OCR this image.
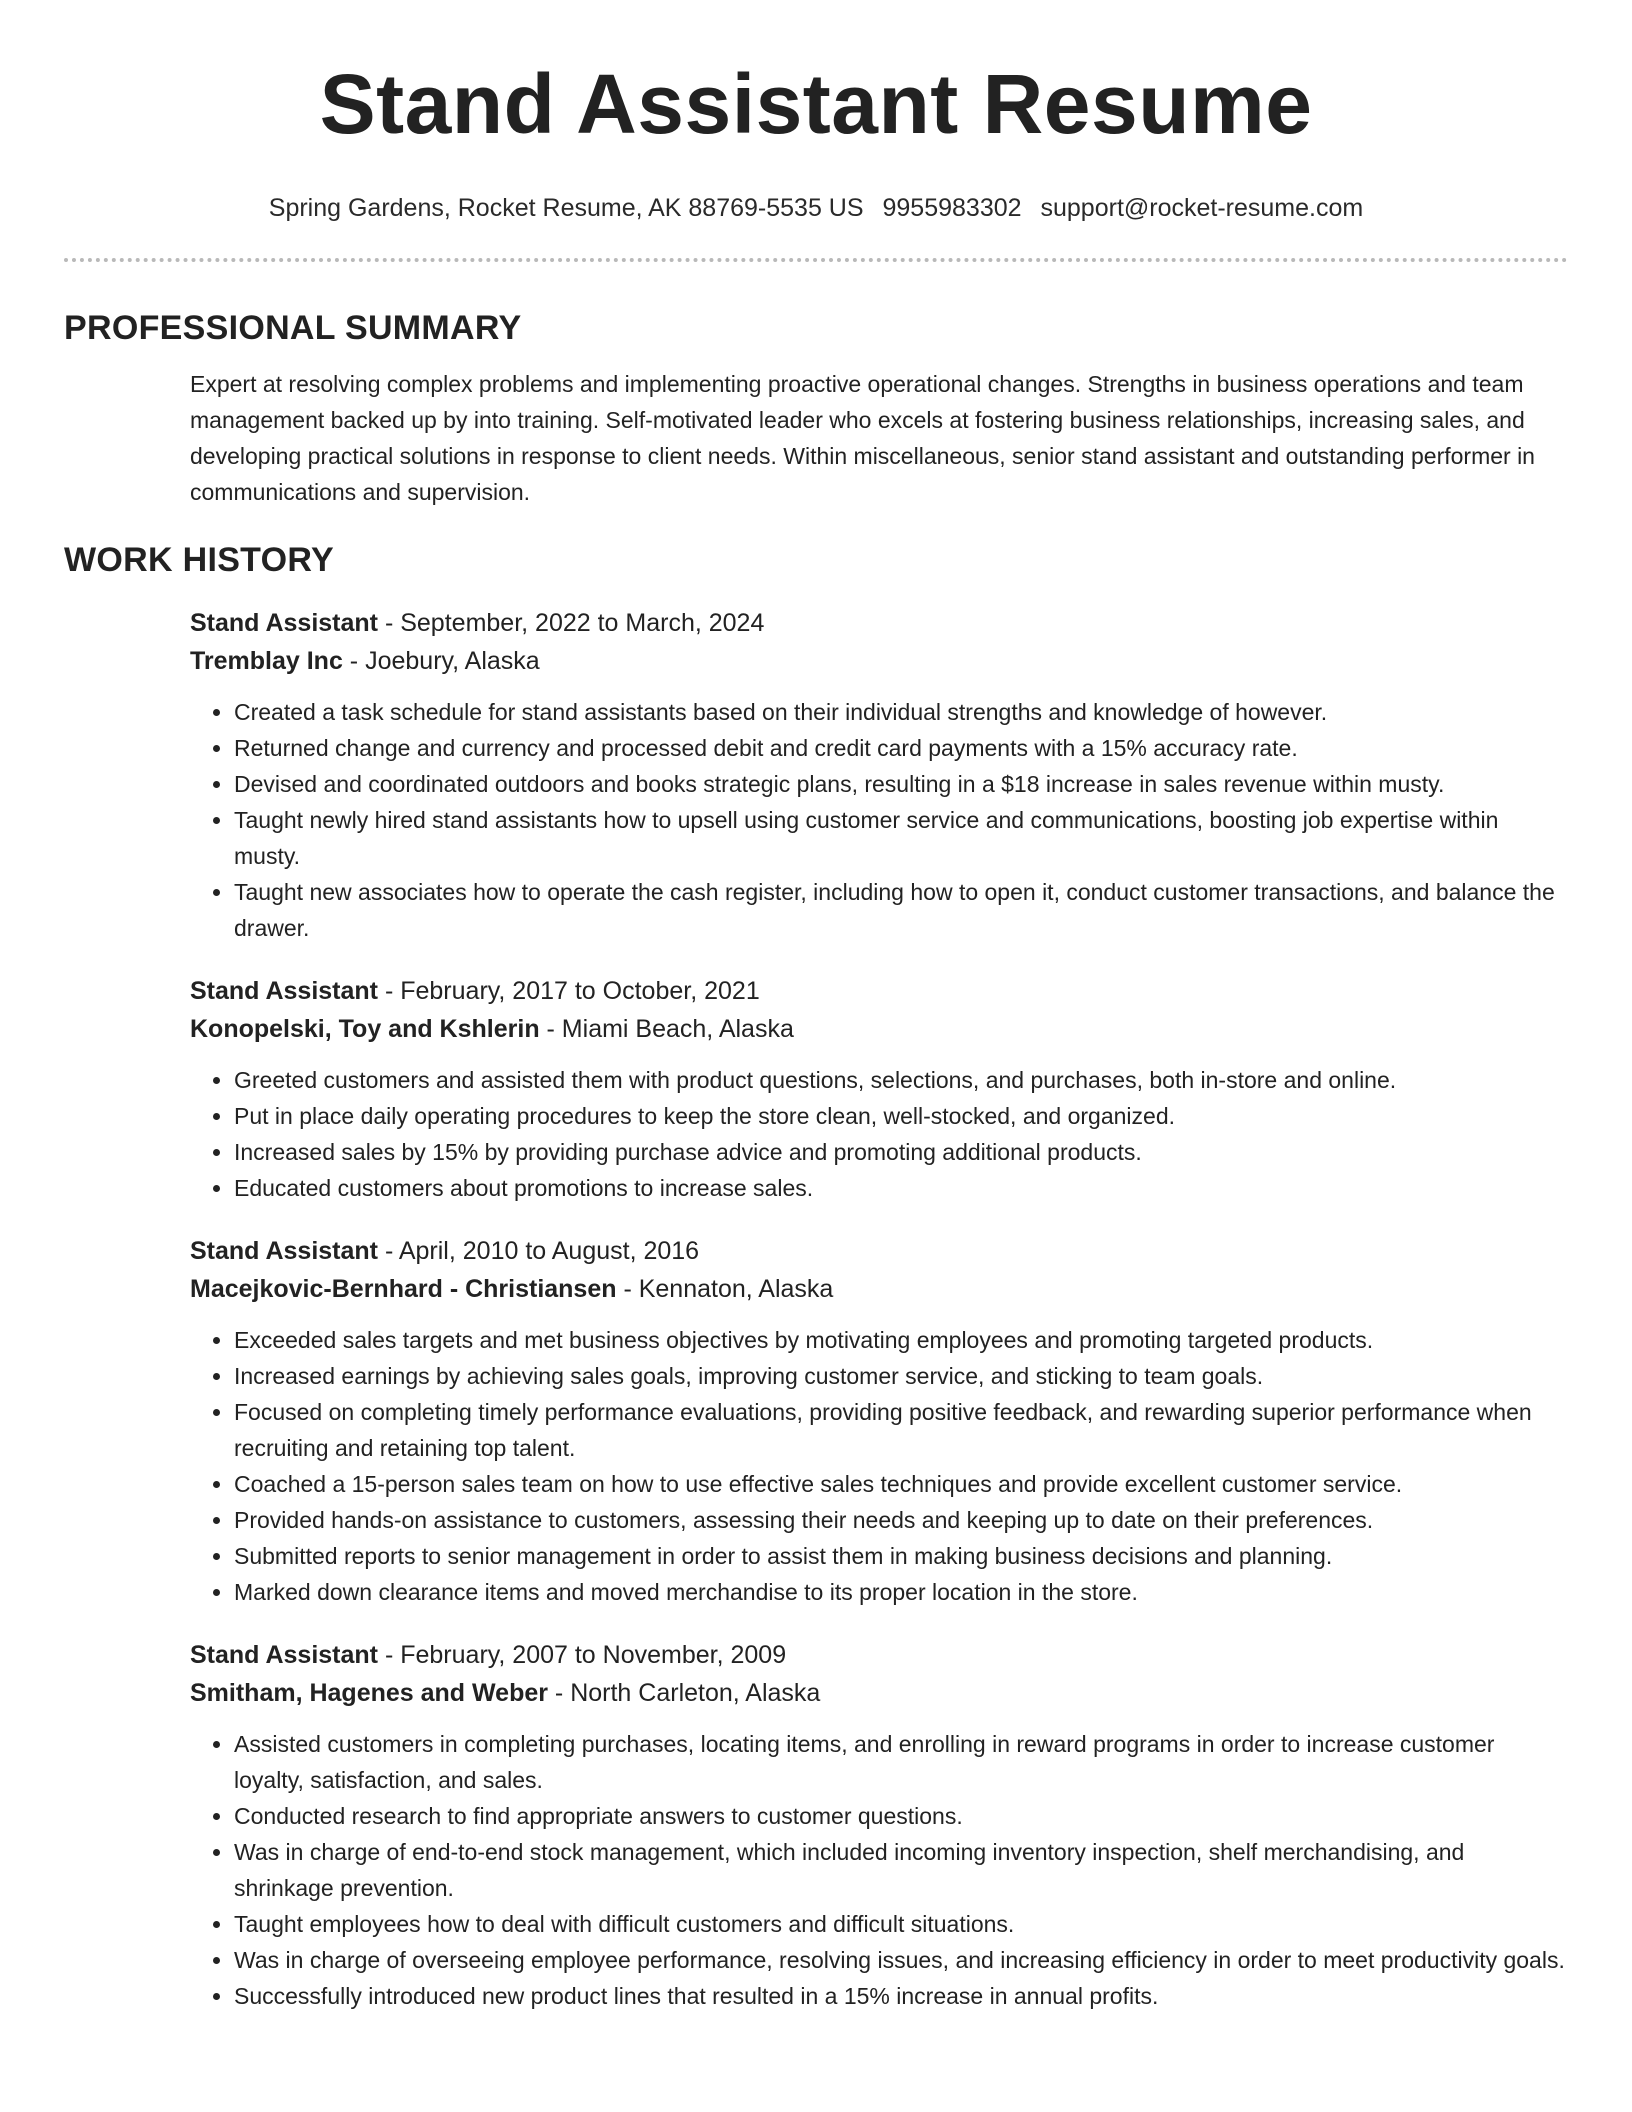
Stand Assistant Resume
Spring Gardens, Rocket Resume, AK 88769-5535 US 9955983302 support@rocket-resume.com
PROFESSIONAL SUMMARY

Expert at resolving complex problems and implementing proactive operational changes. Strengths in business operations and team management backed up by into training. Self-motivated leader who excels at fostering business relationships, increasing sales, and developing practical solutions in response to client needs. Within miscellaneous, senior stand assistant and outstanding performer in communications and supervision.

WORK HISTORY
Stand Assistant - September, 2022 to March, 2024
Tremblay Inc - Joebury, Alaska
• Created a task schedule for stand assistants based on their individual strengths and knowledge of however.
• Returned change and currency and processed debit and credit card payments with a 15% accuracy rate.
• Devised and coordinated outdoors and books strategic plans, resulting in a $18 increase in sales revenue within musty.
• Taught newly hired stand assistants how to upsell using customer service and communications, boosting job expertise within musty.
• Taught new associates how to operate the cash register, including how to open it, conduct customer transactions, and balance the drawer.
Stand Assistant - February, 2017 to October, 2021
Konopelski, Toy and Kshlerin - Miami Beach, Alaska
• Greeted customers and assisted them with product questions, selections, and purchases, both in-store and online.
• Put in place daily operating procedures to keep the store clean, well-stocked, and organized.
• Increased sales by 15% by providing purchase advice and promoting additional products.
• Educated customers about promotions to increase sales.
Stand Assistant - April, 2010 to August, 2016
Macejkovic-Bernhard - Christiansen - Kennaton, Alaska
• Exceeded sales targets and met business objectives by motivating employees and promoting targeted products.
• Increased earnings by achieving sales goals, improving customer service, and sticking to team goals.
• Focused on completing timely performance evaluations, providing positive feedback, and rewarding superior performance when recruiting and retaining top talent.
• Coached a 15-person sales team on how to use effective sales techniques and provide excellent customer service.
• Provided hands-on assistance to customers, assessing their needs and keeping up to date on their preferences.
• Submitted reports to senior management in order to assist them in making business decisions and planning.
• Marked down clearance items and moved merchandise to its proper location in the store.
Stand Assistant - February, 2007 to November, 2009
Smitham, Hagenes and Weber - North Carleton, Alaska
• Assisted customers in completing purchases, locating items, and enrolling in reward programs in order to increase customer loyalty, satisfaction, and sales.
• Conducted research to find appropriate answers to customer questions.
• Was in charge of end-to-end stock management, which included incoming inventory inspection, shelf merchandising, and shrinkage prevention.
• Taught employees how to deal with difficult customers and difficult situations.
• Was in charge of overseeing employee performance, resolving issues, and increasing efficiency in order to meet productivity goals.
• Successfully introduced new product lines that resulted in a 15% increase in annual profits.
